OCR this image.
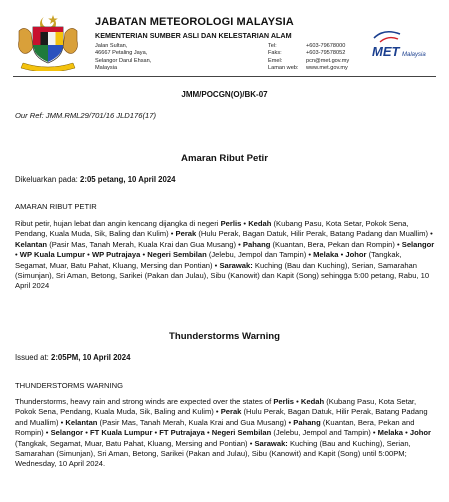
JABATAN METEOROLOGI MALAYSIA
KEMENTERIAN SUMBER ASLI DAN KELESTARIAN ALAM
Jalan Sultan,
46667 Petaling Jaya,
Selangor Darul Ehsan,
Malaysia
Tel:
Faks:
Emel:
Laman web:
+603-79678000
+603-79578052
pcn@met.gov.my
www.met.gov.my
MET Malaysia
JMM/POCGN(O)/BK-07
Our Ref: JMM.RML29/701/16 JLD176(17)
Amaran Ribut Petir
Dikeluarkan pada: 2:05 petang, 10 April 2024
AMARAN RIBUT PETIR
Ribut petir, hujan lebat dan angin kencang dijangka di negeri Perlis • Kedah (Kubang Pasu, Kota Setar, Pokok Sena, Pendang, Kuala Muda, Sik, Baling dan Kulim) • Perak (Hulu Perak, Bagan Datuk, Hilir Perak, Batang Padang dan Muallim) • Kelantan (Pasir Mas, Tanah Merah, Kuala Krai dan Gua Musang) • Pahang (Kuantan, Bera, Pekan dan Rompin) • Selangor • WP Kuala Lumpur • WP Putrajaya • Negeri Sembilan (Jelebu, Jempol dan Tampin) • Melaka • Johor (Tangkak, Segamat, Muar, Batu Pahat, Kluang, Mersing dan Pontian) • Sarawak: Kuching (Bau dan Kuching), Serian, Samarahan (Simunjan), Sri Aman, Betong, Sarikei (Pakan dan Julau), Sibu (Kanowit) dan Kapit (Song) sehingga 5:00 petang, Rabu, 10 April 2024
Thunderstorms Warning
Issued at: 2:05PM, 10 April 2024
THUNDERSTORMS WARNING
Thunderstorms, heavy rain and strong winds are expected over the states of Perlis • Kedah (Kubang Pasu, Kota Setar, Pokok Sena, Pendang, Kuala Muda, Sik, Baling and Kulim) • Perak (Hulu Perak, Bagan Datuk, Hilir Perak, Batang Padang and Muallim) • Kelantan (Pasir Mas, Tanah Merah, Kuala Krai and Gua Musang) • Pahang (Kuantan, Bera, Pekan and Rompin) • Selangor • FT Kuala Lumpur • FT Putrajaya • Negeri Sembilan (Jelebu, Jempol and Tampin) • Melaka • Johor (Tangkak, Segamat, Muar, Batu Pahat, Kluang, Mersing and Pontian) • Sarawak: Kuching (Bau and Kuching), Serian, Samarahan (Simunjan), Sri Aman, Betong, Sarikei (Pakan and Julau), Sibu (Kanowit) and Kapit (Song) until 5:00PM; Wednesday, 10 April 2024.
